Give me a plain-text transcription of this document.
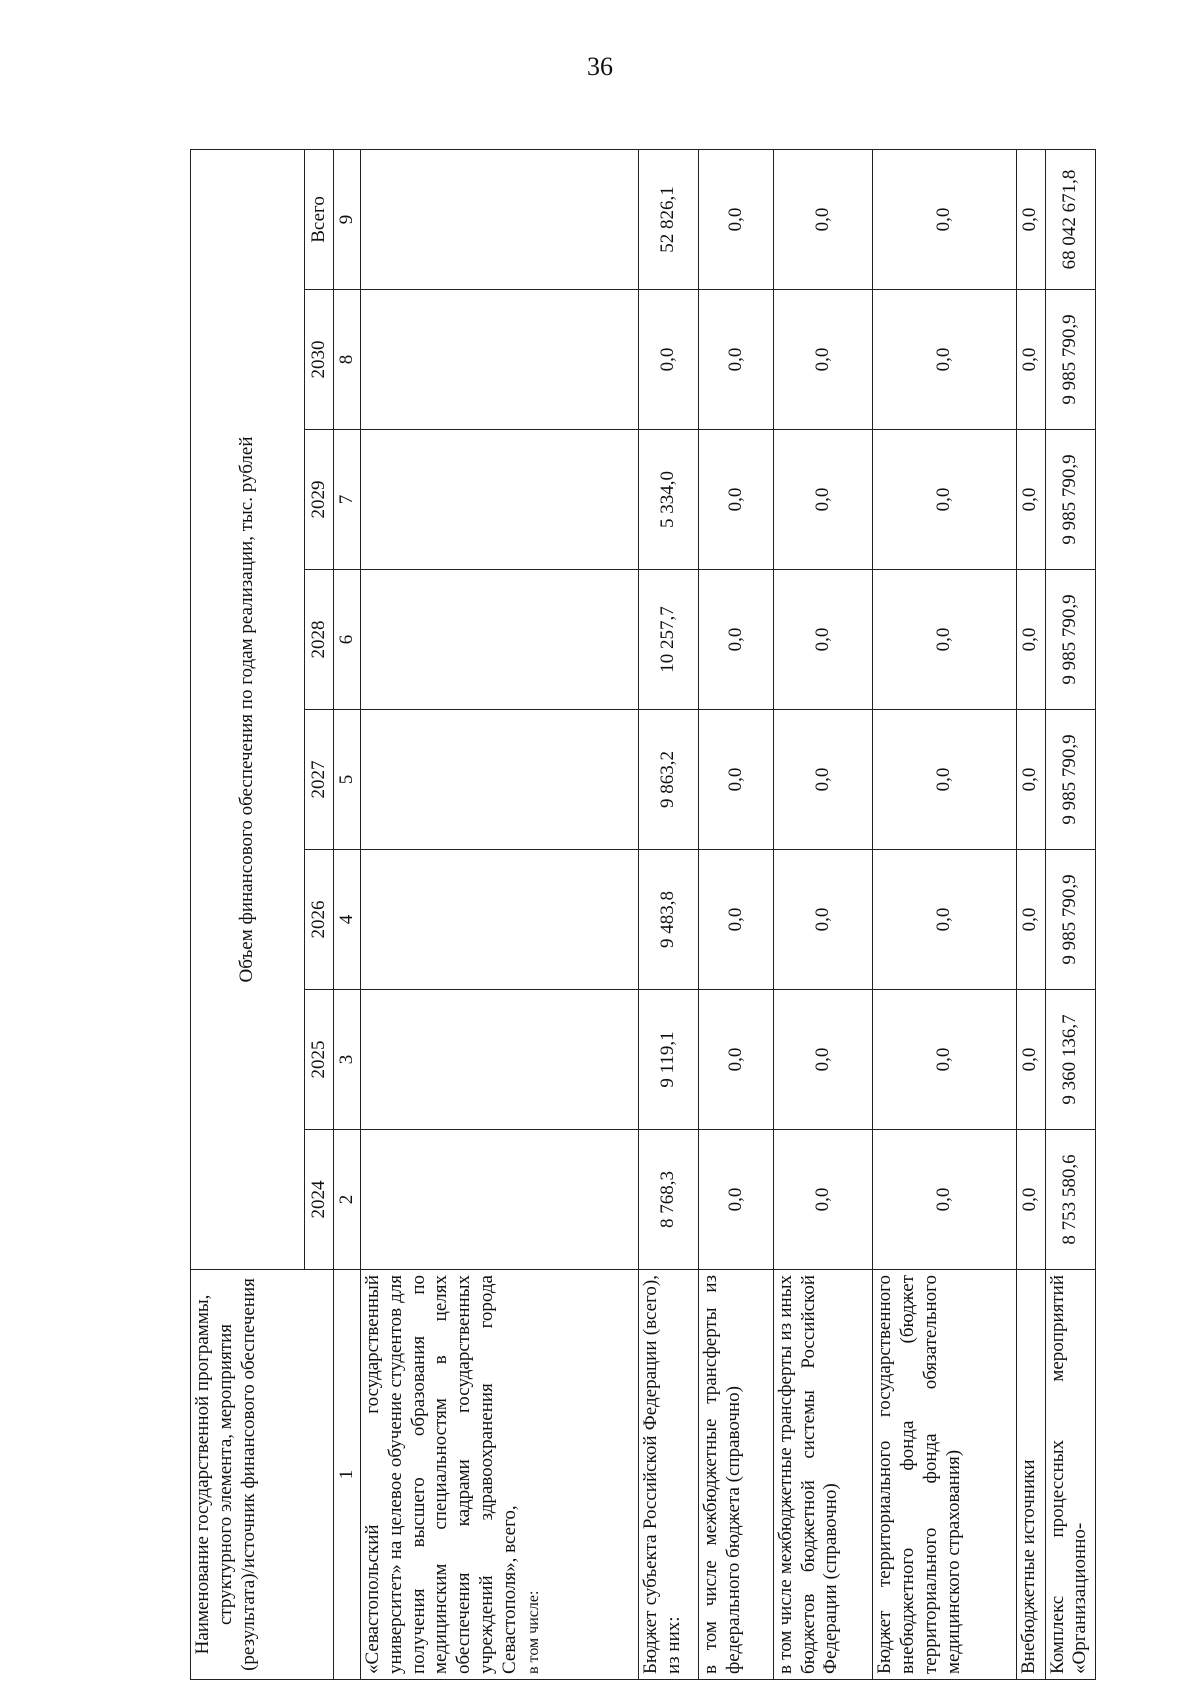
36
Наименование государственной программы, структурного элемента, мероприятия (результата)/источник финансового обеспечения	Объем финансового обеспечения по годам реализации, тыс. рублей							
	2024	2025	2026	2027	2028	2029	2030	Всего
1	2	3	4	5	6	7	8	9
«Севастопольский государственный университет» на целевое обучение студентов для получения высшего образования по медицинским специальностям в целях обеспечения кадрами государственных учреждений здравоохранения города Севастополя», всего, в том числе:								
Бюджет субъекта Российской Федерации (всего), из них:	8 768,3	9 119,1	9 483,8	9 863,2	10 257,7	5 334,0	0,0	52 826,1
в том числе межбюджетные трансферты из федерального бюджета (справочно)	0,0	0,0	0,0	0,0	0,0	0,0	0,0	0,0
в том числе межбюджетные трансферты из иных бюджетов бюджетной системы Российской Федерации (справочно)	0,0	0,0	0,0	0,0	0,0	0,0	0,0	0,0
Бюджет территориального государственного внебюджетного фонда (бюджет территориального фонда обязательного медицинского страхования)	0,0	0,0	0,0	0,0	0,0	0,0	0,0	0,0
Внебюджетные источники	0,0	0,0	0,0	0,0	0,0	0,0	0,0	0,0
Комплекс процессных мероприятий «Организационно-	8 753 580,6	9 360 136,7	9 985 790,9	9 985 790,9	9 985 790,9	9 985 790,9	9 985 790,9	68 042 671,8
